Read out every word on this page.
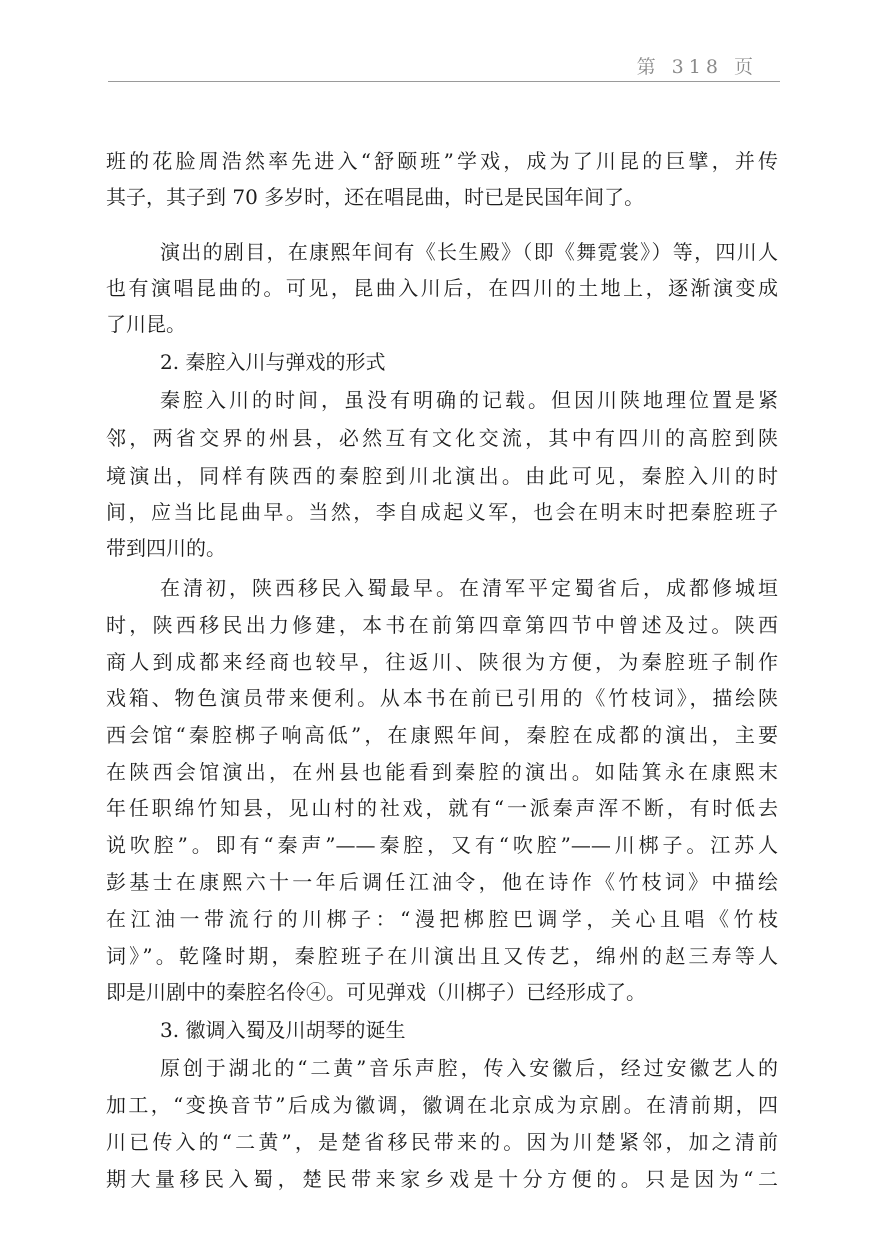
第 318 页
班的花脸周浩然率先进入“舒颐班”学戏，成为了川昆的巨擘，并传
其子，其子到 70 多岁时，还在唱昆曲，时已是民国年间了。
演出的剧目，在康熙年间有《长生殿》（即《舞霓裳》）等，四川人
也有演唱昆曲的。可见，昆曲入川后，在四川的土地上，逐渐演变成
了川昆。
2. 秦腔入川与弹戏的形式
秦腔入川的时间，虽没有明确的记载。但因川陕地理位置是紧
邻，两省交界的州县，必然互有文化交流，其中有四川的高腔到陕
境演出，同样有陕西的秦腔到川北演出。由此可见，秦腔入川的时
间，应当比昆曲早。当然，李自成起义军，也会在明末时把秦腔班子
带到四川的。
在清初，陕西移民入蜀最早。在清军平定蜀省后，成都修城垣
时，陕西移民出力修建，本书在前第四章第四节中曾述及过。陕西
商人到成都来经商也较早，往返川、陕很为方便，为秦腔班子制作
戏箱、物色演员带来便利。从本书在前已引用的《竹枝词》，描绘陕
西会馆“秦腔梆子响高低”，在康熙年间，秦腔在成都的演出，主要
在陕西会馆演出，在州县也能看到秦腔的演出。如陆箕永在康熙末
年任职绵竹知县，见山村的社戏，就有“一派秦声浑不断，有时低去
说吹腔”。即有“秦声”——秦腔，又有“吹腔”——川梆子。江苏人
彭基士在康熙六十一年后调任江油令，他在诗作《竹枝词》中描绘
在江油一带流行的川梆子：“漫把梆腔巴调学，关心且唱《竹枝
词》”。乾隆时期，秦腔班子在川演出且又传艺，绵州的赵三寿等人
即是川剧中的秦腔名伶④。可见弹戏（川梆子）已经形成了。
3. 徽调入蜀及川胡琴的诞生
原创于湖北的“二黄”音乐声腔，传入安徽后，经过安徽艺人的
加工，“变换音节”后成为徽调，徽调在北京成为京剧。在清前期，四
川已传入的“二黄”，是楚省移民带来的。因为川楚紧邻，加之清前
期大量移民入蜀，楚民带来家乡戏是十分方便的。只是因为“二
